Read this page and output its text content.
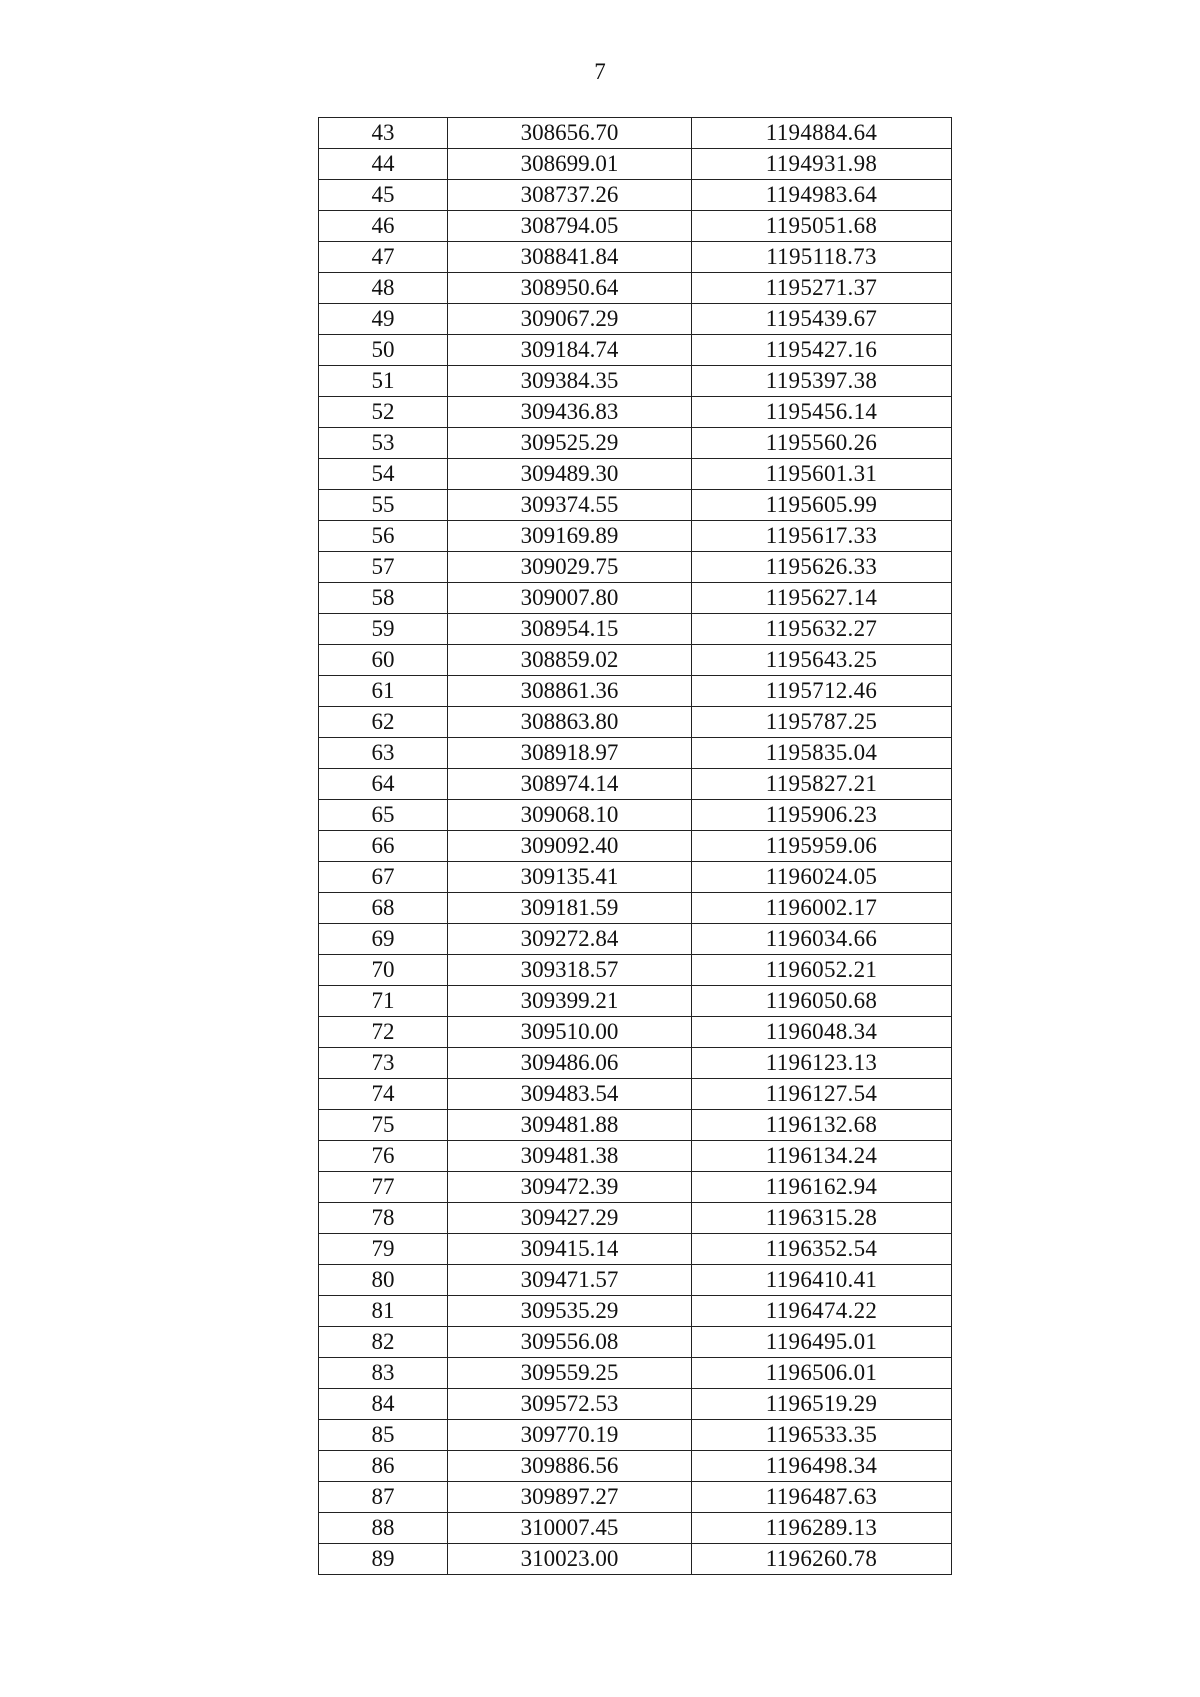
7
43	308656.70	1194884.64
44	308699.01	1194931.98
45	308737.26	1194983.64
46	308794.05	1195051.68
47	308841.84	1195118.73
48	308950.64	1195271.37
49	309067.29	1195439.67
50	309184.74	1195427.16
51	309384.35	1195397.38
52	309436.83	1195456.14
53	309525.29	1195560.26
54	309489.30	1195601.31
55	309374.55	1195605.99
56	309169.89	1195617.33
57	309029.75	1195626.33
58	309007.80	1195627.14
59	308954.15	1195632.27
60	308859.02	1195643.25
61	308861.36	1195712.46
62	308863.80	1195787.25
63	308918.97	1195835.04
64	308974.14	1195827.21
65	309068.10	1195906.23
66	309092.40	1195959.06
67	309135.41	1196024.05
68	309181.59	1196002.17
69	309272.84	1196034.66
70	309318.57	1196052.21
71	309399.21	1196050.68
72	309510.00	1196048.34
73	309486.06	1196123.13
74	309483.54	1196127.54
75	309481.88	1196132.68
76	309481.38	1196134.24
77	309472.39	1196162.94
78	309427.29	1196315.28
79	309415.14	1196352.54
80	309471.57	1196410.41
81	309535.29	1196474.22
82	309556.08	1196495.01
83	309559.25	1196506.01
84	309572.53	1196519.29
85	309770.19	1196533.35
86	309886.56	1196498.34
87	309897.27	1196487.63
88	310007.45	1196289.13
89	310023.00	1196260.78
